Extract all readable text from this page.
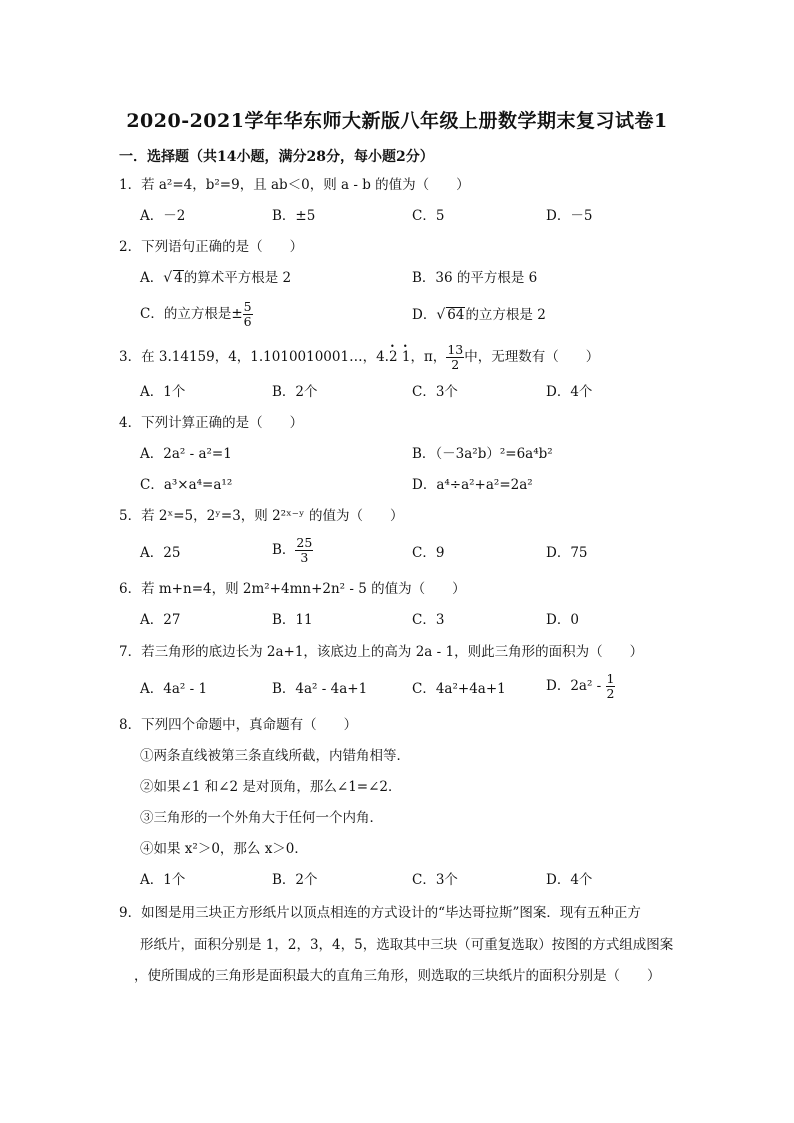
2020-2021学年华东师大新版八年级上册数学期末复习试卷1
一．选择题（共14小题，满分28分，每小题2分）
1．若 a²=4，b²=9，且 ab＜0，则 a - b 的值为（　　）
A．－2	B．±5	C．5	D．－5
2．下列语句正确的是（　　）
A．√ 4的算术平方根是 2	B．36 的平方根是 6
C．的立方根是± $\frac{5}{6}$	D．√ 64的立方根是 2
3．在 3.14159，4，1.1010010001…，4.• 2 • 1，π， $\frac{13}{2}$ 中，无理数有（　　）
A．1个	B．2个	C．3个	D．4个
4．下列计算正确的是（　　）
A．2a² - a²=1	B．（－3a²b）²=6a⁴b²
C．a³×a⁴=a¹²	D．a⁴÷a²+a²=2a²
5．若 2ˣ=5，2ʸ=3，则 2²ˣ⁻ʸ 的值为（　　）
A．25	B． $\frac{25}{3}$	C．9	D．75
6．若 m+n=4，则 2m²+4mn+2n² - 5 的值为（　　）
A．27	B．11	C．3	D．0
7．若三角形的底边长为 2a+1，该底边上的高为 2a - 1，则此三角形的面积为（　　）
A．4a² - 1	B．4a² - 4a+1	C．4a²+4a+1	D．$2a^2 - \frac{1}{2}$
8．下列四个命题中，真命题有（　　）
①两条直线被第三条直线所截，内错角相等．
②如果∠1 和∠2 是对顶角，那么∠1=∠2．
③三角形的一个外角大于任何一个内角．
④如果 x²＞0，那么 x＞0．
A．1个	B．2个	C．3个	D．4个
9．如图是用三块正方形纸片以顶点相连的方式设计的“毕达哥拉斯”图案．现有五种正方
形纸片，面积分别是 1，2，3，4，5，选取其中三块（可重复选取）按图的方式组成图案
，使所围成的三角形是面积最大的直角三角形，则选取的三块纸片的面积分别是（　　）
